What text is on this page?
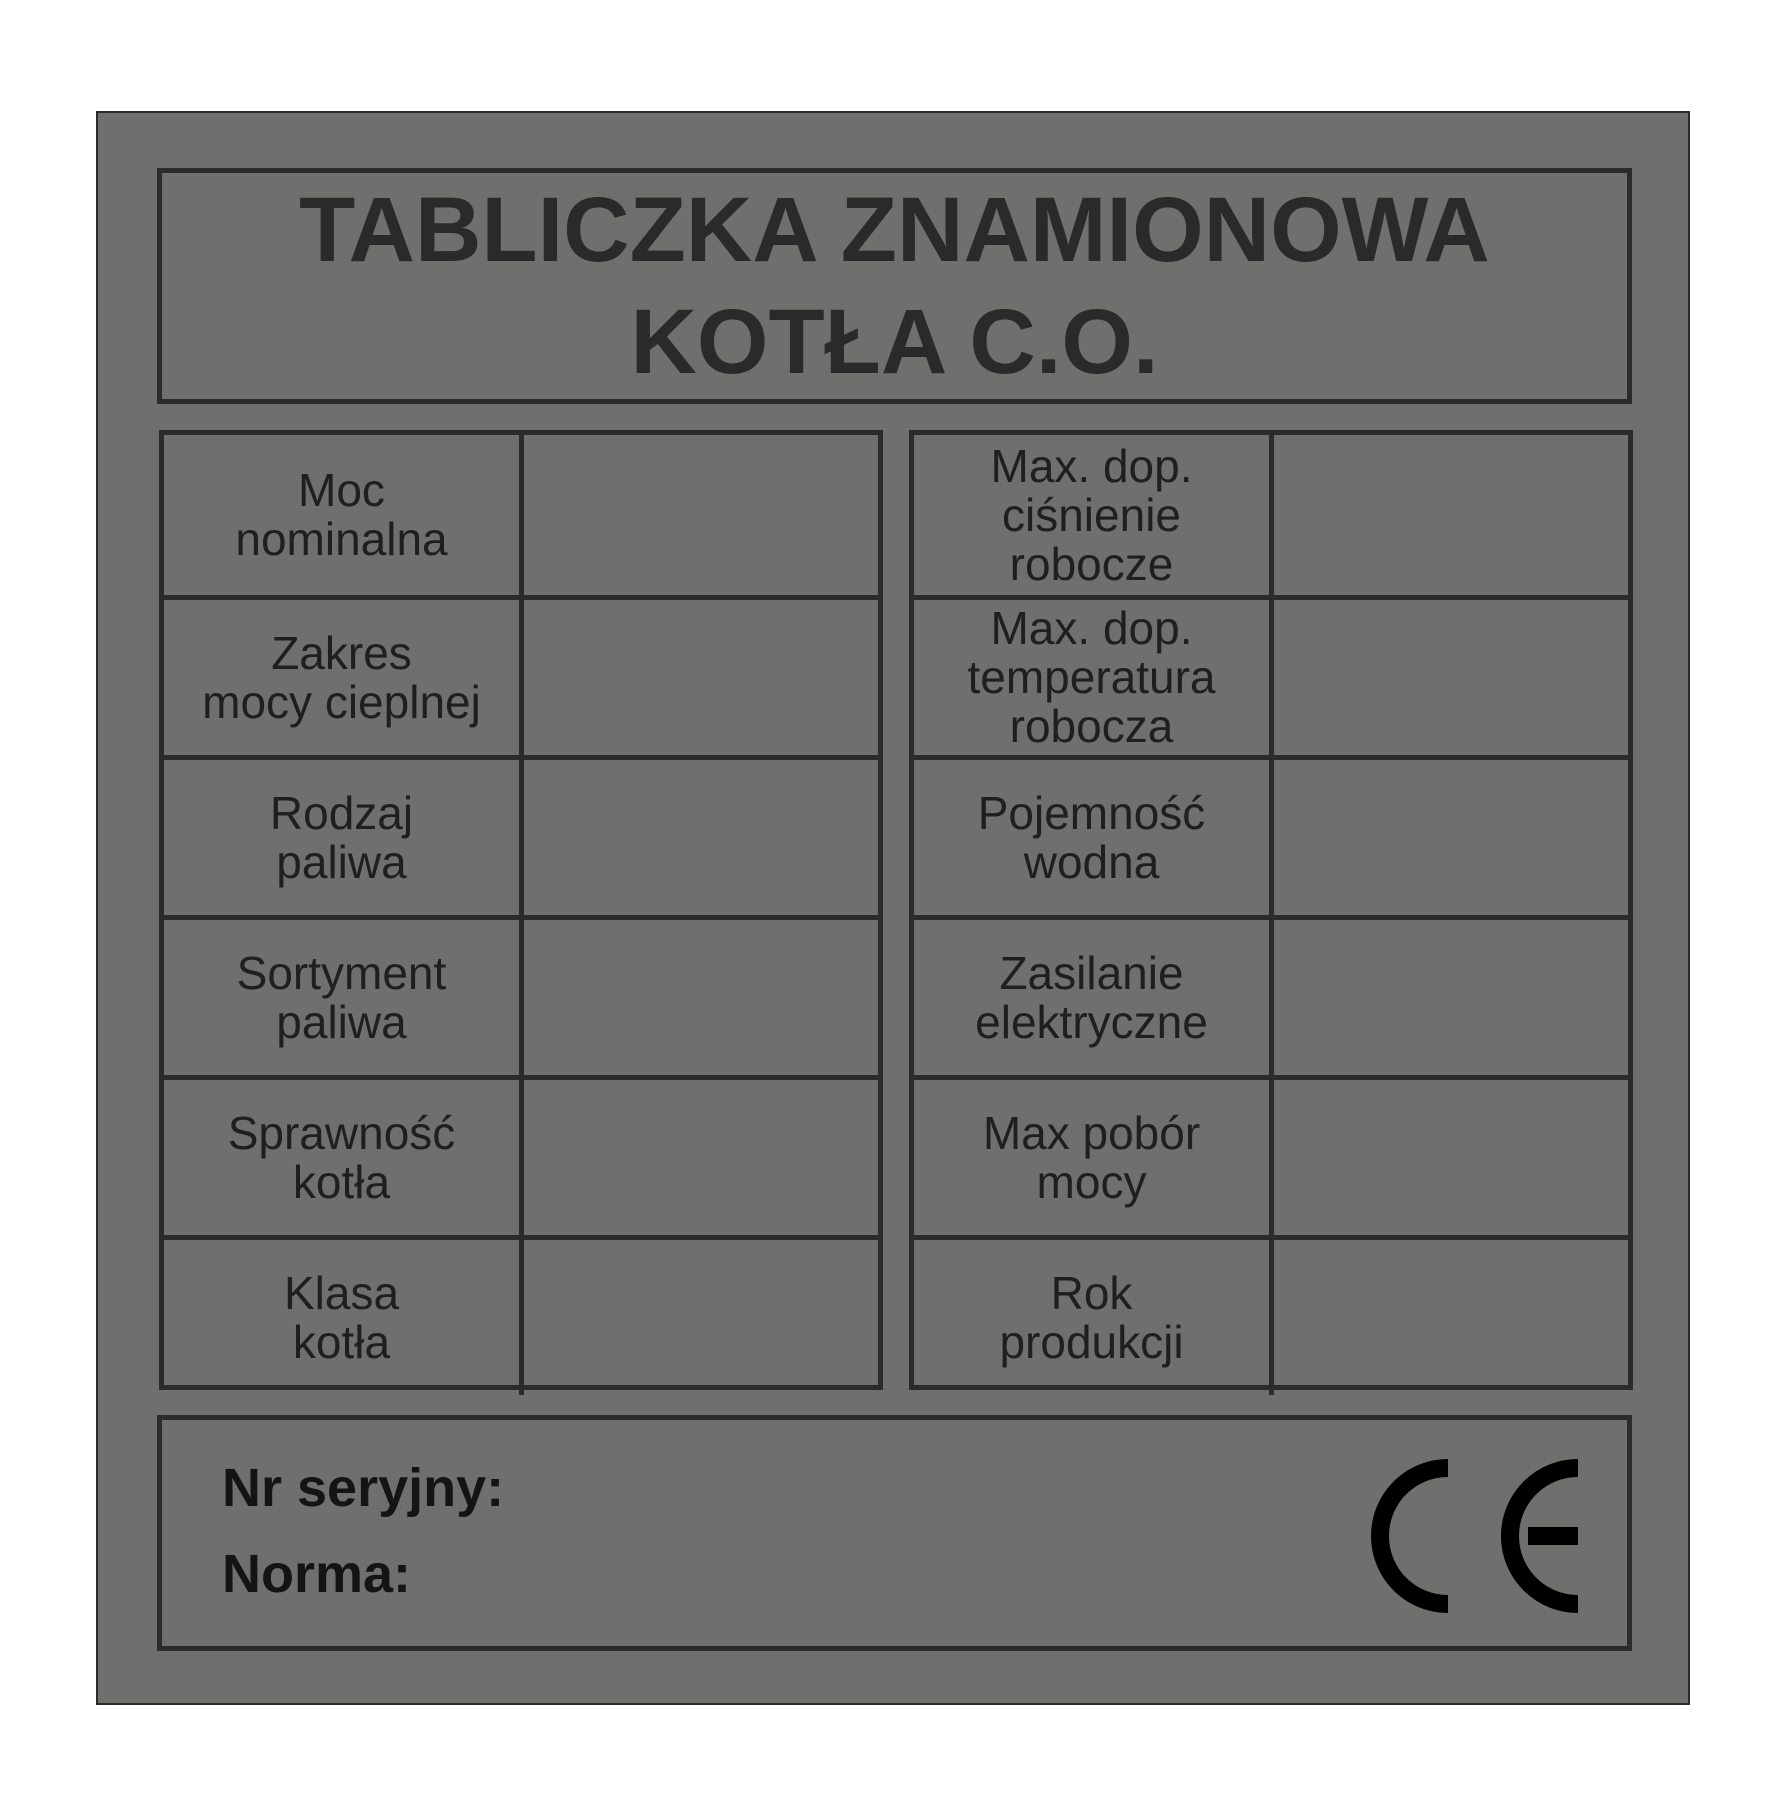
TABLICZKA ZNAMIONOWA
KOTŁA C.O.
Moc
nominalna
Zakres
mocy cieplnej
Rodzaj
paliwa
Sortyment
paliwa
Sprawność
kotła
Klasa
kotła
Max. dop.
ciśnienie
robocze
Max. dop.
temperatura
robocza
Pojemność
wodna
Zasilanie
elektryczne
Max pobór
mocy
Rok
produkcji
Nr seryjny:
Norma:
